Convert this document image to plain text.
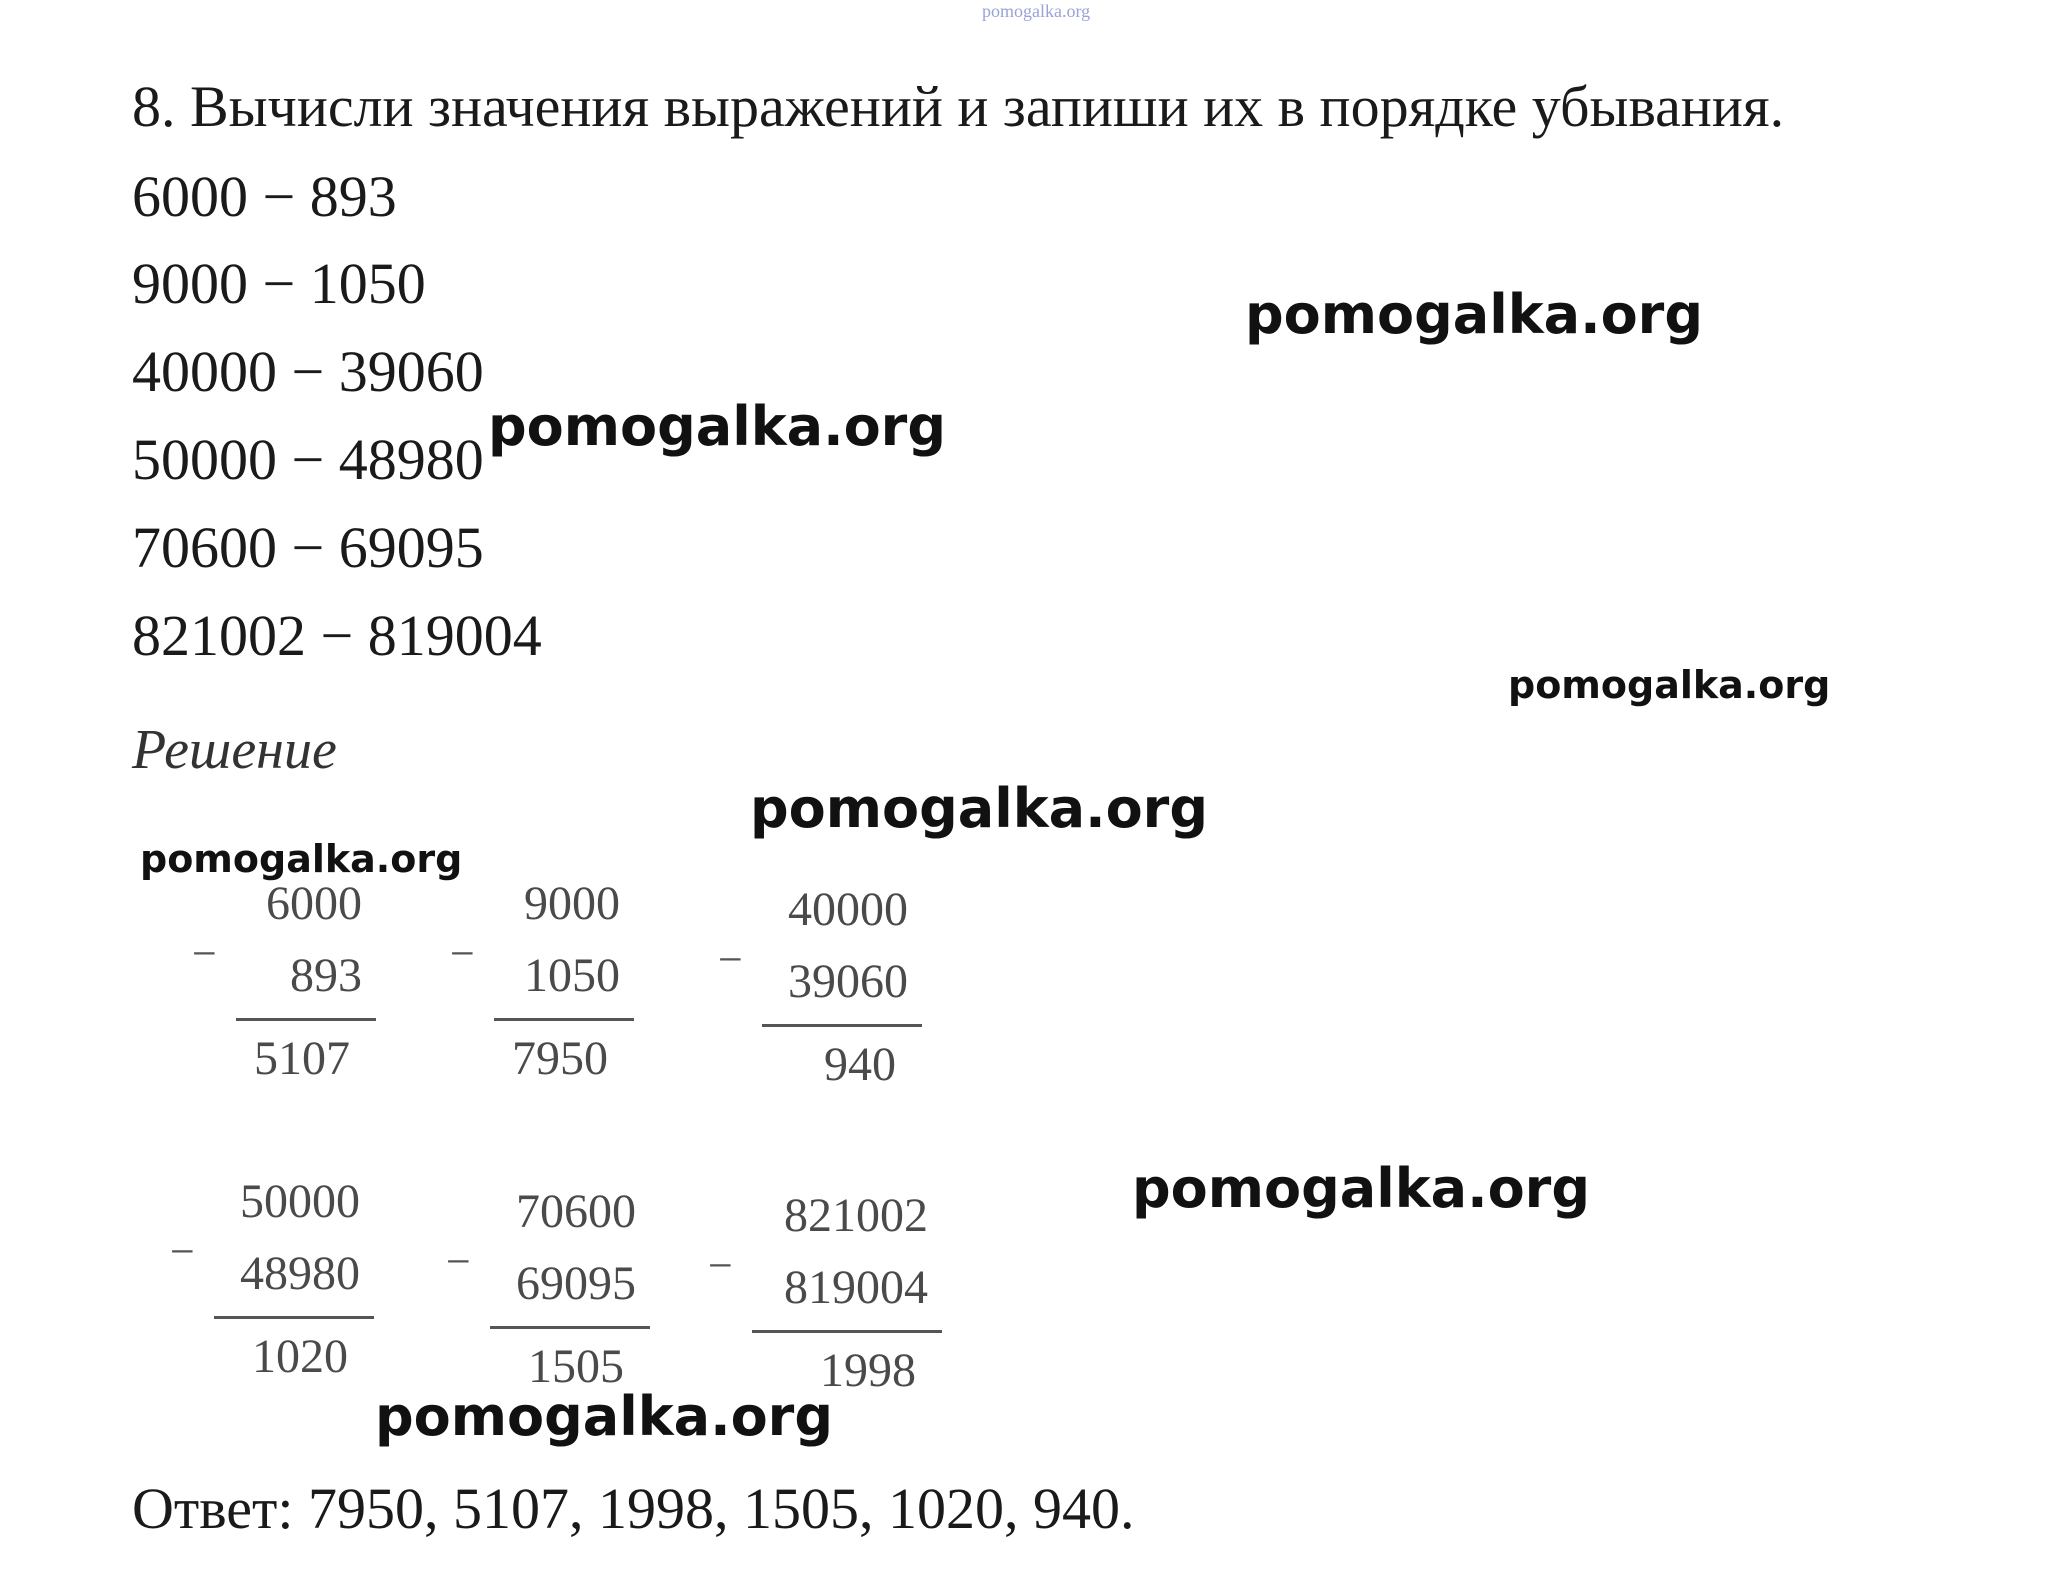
pomogalka.org
8. Вычисли значения выражений и запиши их в порядке убывания.
6000 − 893
9000 − 1050
40000 − 39060
50000 − 48980
70600 − 69095
821002 − 819004
Решение
−
6000
893
5107
−
9000
1050
7950
−
40000
39060
940
−
50000
48980
1020
−
70600
69095
1505
−
821002
819004
1998
Ответ: 7950, 5107, 1998, 1505, 1020, 940.
pomogalka.org
pomogalka.org
pomogalka.org
pomogalka.org
pomogalka.org
pomogalka.org
pomogalka.org
